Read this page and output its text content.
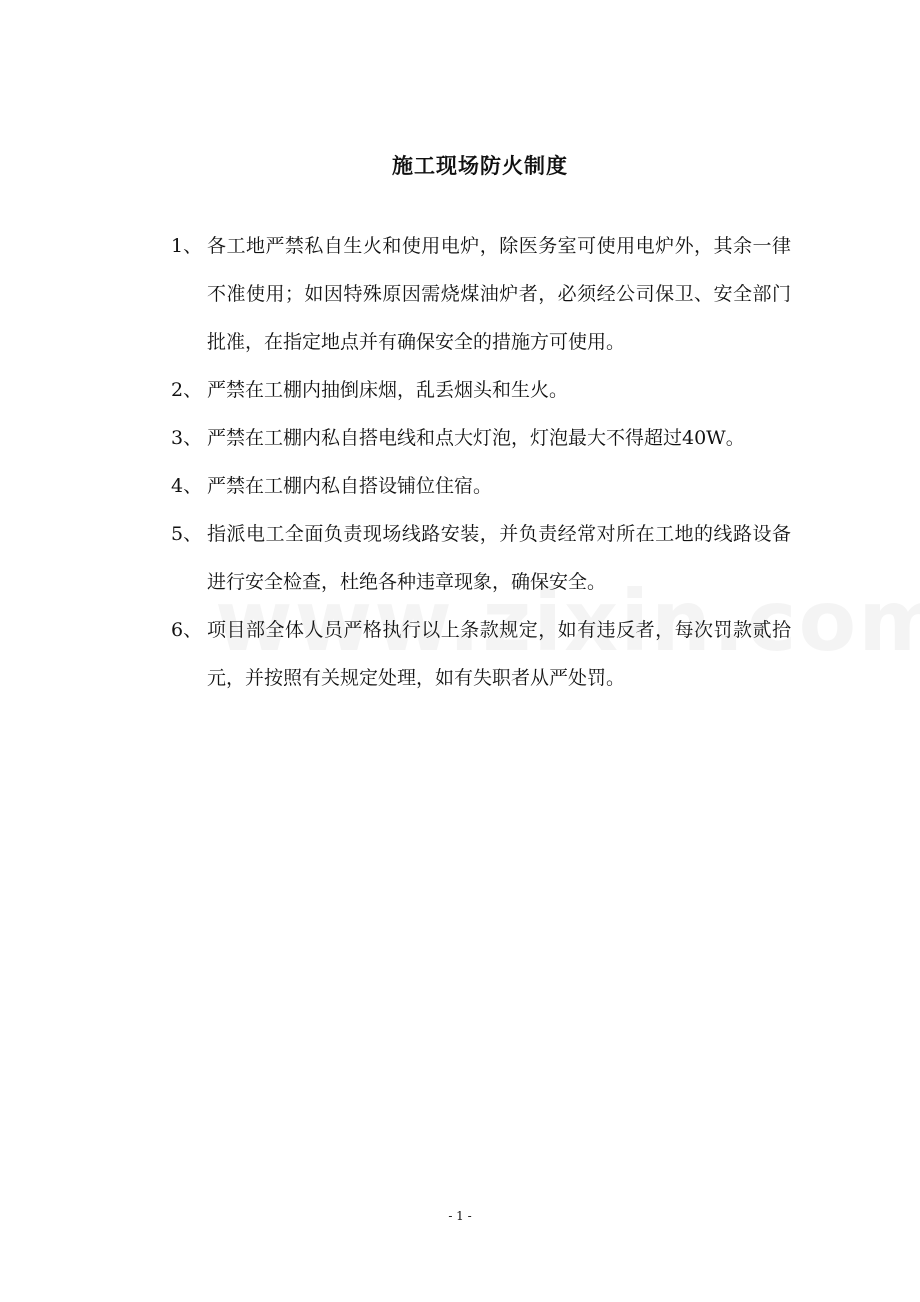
施工现场防火制度
1、 各工地严禁私自生火和使用电炉，除医务室可使用电炉外，其余一律不准使用；如因特殊原因需烧煤油炉者，必须经公司保卫、安全部门批准，在指定地点并有确保安全的措施方可使用。
2、 严禁在工棚内抽倒床烟，乱丢烟头和生火。
3、 严禁在工棚内私自搭电线和点大灯泡，灯泡最大不得超过40W。
4、 严禁在工棚内私自搭设铺位住宿。
5、 指派电工全面负责现场线路安装，并负责经常对所在工地的线路设备进行安全检查，杜绝各种违章现象，确保安全。
6、 项目部全体人员严格执行以上条款规定，如有违反者，每次罚款贰拾元，并按照有关规定处理，如有失职者从严处罚。
- 1 -
